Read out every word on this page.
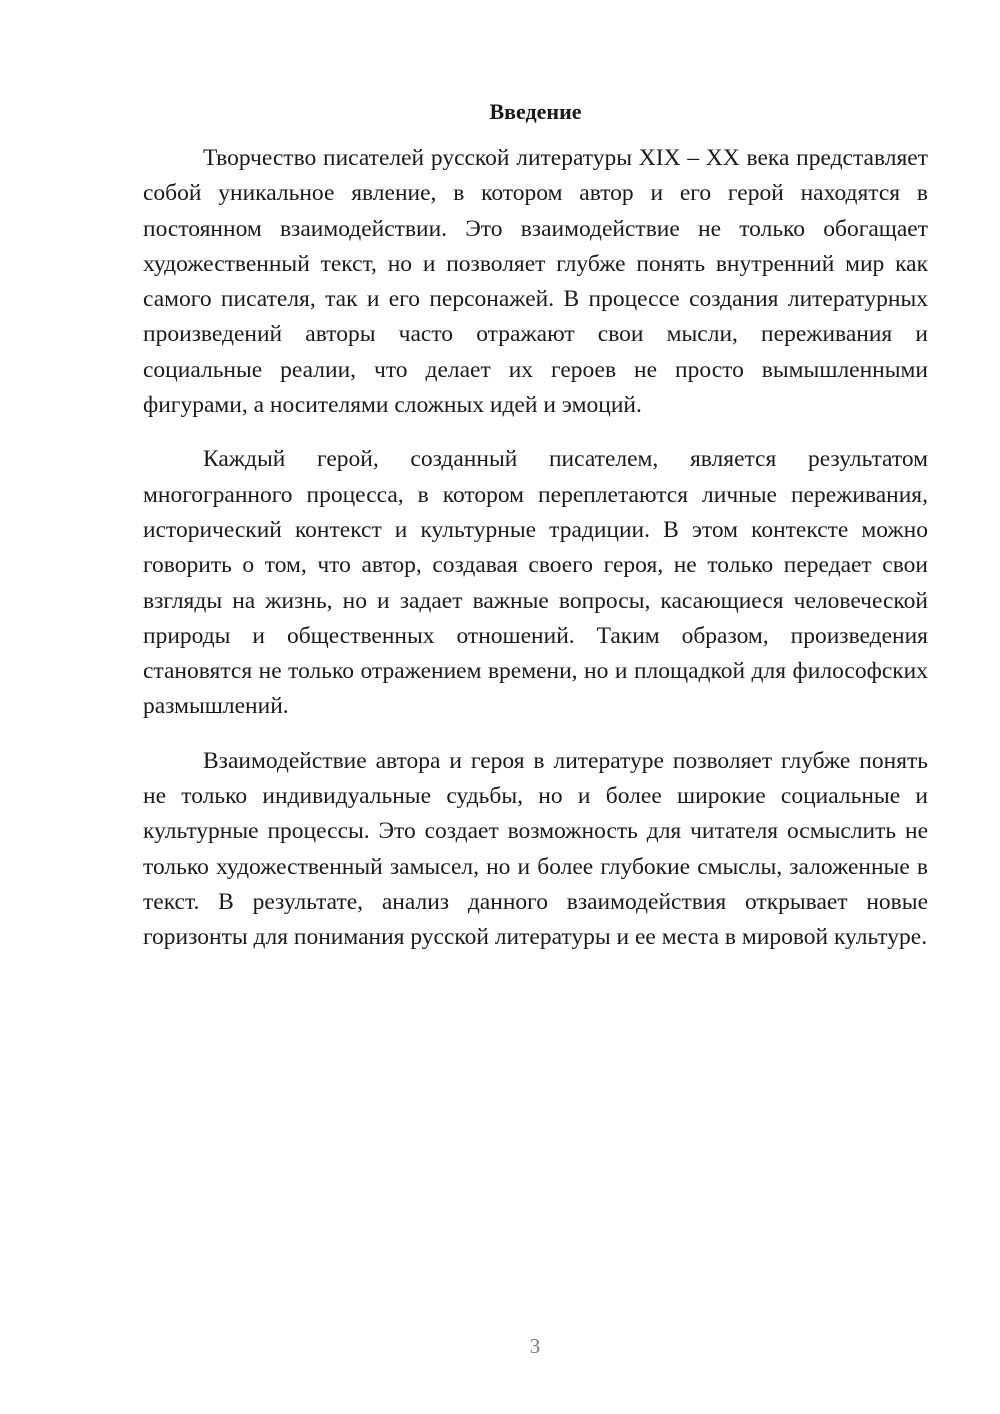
Введение

Творчество писателей русской литературы XIX – XX века представляет собой уникальное явление, в котором автор и его герой находятся в постоянном взаимодействии. Это взаимодействие не только обогащает художественный текст, но и позволяет глубже понять внутренний мир как самого писателя, так и его персонажей. В процессе создания литературных произведений авторы часто отражают свои мысли, переживания и социальные реалии, что делает их героев не просто вымышленными фигурами, а носителями сложных идей и эмоций.

Каждый герой, созданный писателем, является результатом многогранного процесса, в котором переплетаются личные переживания, исторический контекст и культурные традиции. В этом контексте можно говорить о том, что автор, создавая своего героя, не только передает свои взгляды на жизнь, но и задает важные вопросы, касающиеся человеческой природы и общественных отношений. Таким образом, произведения становятся не только отражением времени, но и площадкой для философских размышлений.

Взаимодействие автора и героя в литературе позволяет глубже понять не только индивидуальные судьбы, но и более широкие социальные и культурные процессы. Это создает возможность для читателя осмыслить не только художественный замысел, но и более глубокие смыслы, заложенные в текст. В результате, анализ данного взаимодействия открывает новые горизонты для понимания русской литературы и ее места в мировой культуре.

3
